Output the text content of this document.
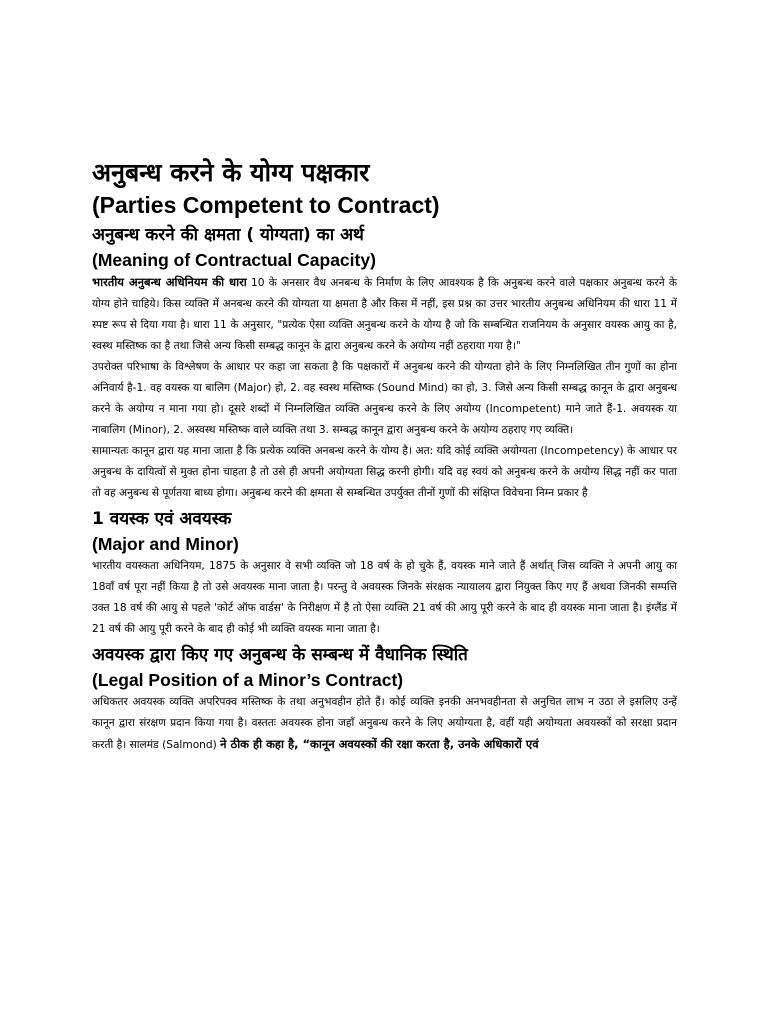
अनुबन्ध करने के योग्य पक्षकार
(Parties Competent to Contract)
अनुबन्ध करने की क्षमता ( योग्यता) का अर्थ
(Meaning of Contractual Capacity)

भारतीय अनुबन्ध अधिनियम की धारा 10 के अनसार वैध अनबन्ध के निर्माण के लिए आवश्यक है कि अनुबन्ध करने वाले पक्षकार अनुबन्ध करने के योग्य होने चाहिये। किस व्यक्ति में अनबन्ध करने की योग्यता या क्षमता है और किस में नहीं, इस प्रश्न का उत्तर भारतीय अनुबन्ध अधिनियम की धारा 11 में स्पष्ट रूप से दिया गया है। धारा 11 के अनुसार, "प्रत्येक ऐसा व्यक्ति अनुबन्ध करने के योग्य है जो कि सम्बन्धित राजनियम के अनुसार वयस्क आयु का है, स्वस्थ मस्तिष्क का है तथा जिसे अन्य किसी सम्बद्ध कानून के द्वारा अनुबन्ध करने के अयोग्य नहीं ठहराया गया है।"

उपरोक्त परिभाषा के विश्लेषण के आधार पर कहा जा सकता है कि पक्षकारों में अनुबन्ध करने की योग्यता होने के लिए निम्नलिखित तीन गुणों का होना अनिवार्य है-1. वह वयस्क या बालिग (Major) हो, 2. वह स्वस्थ मस्तिष्क (Sound Mind) का हो, 3. जिसे अन्य किसी सम्बद्ध कानून के द्वारा अनुबन्ध करने के अयोग्य न माना गया हो। दूसरे शब्दों में निम्नलिखित व्यक्ति अनुबन्ध करने के लिए अयोग्य (Incompetent) माने जाते हैं-1. अवयस्क या नाबालिग (Minor), 2. अस्वस्थ मस्तिष्क वाले व्यक्ति तथा 3. सम्बद्ध कानून द्वारा अनुबन्ध करने के अयोग्य ठहराए गए व्यक्ति।

सामान्यतः कानून द्वारा यह माना जाता है कि प्रत्येक व्यक्ति अनबन्ध करने के योग्य है। अत: यदि कोई व्यक्ति अयोग्यता (Incompetency) के आधार पर अनुबन्ध के दायित्वों से मुक्त होना चाहता है तो उसे ही अपनी अयोग्यता सिद्ध करनी होगी। यदि वह स्वयं को अनुबन्ध करने के अयोग्य सिद्ध नहीं कर पाता तो वह अनुबन्ध से पूर्णतया बाध्य होगा। अनुबन्ध करने की क्षमता से सम्बन्धित उपर्युक्त तीनों गुणों की संक्षिप्त विवेचना निम्न प्रकार है

1 वयस्क एवं अवयस्क
(Major and Minor)

भारतीय वयस्कता अधिनियम, 1875 के अनुसार वे सभी व्यक्ति जो 18 वर्ष के हो चुके हैं, वयस्क माने जाते हैं अर्थात् जिस व्यक्ति ने अपनी आयु का 18वाँ वर्ष पूरा नहीं किया है तो उसे अवयस्क माना जाता है। परन्तु वे अवयस्क जिनके संरक्षक न्यायालय द्वारा नियुक्त किए गए हैं अथवा जिनकी सम्पत्ति उक्त 18 वर्ष की आयु से पहले 'कोर्ट ऑफ वार्डस' के निरीक्षण में है तो ऐसा व्यक्ति 21 वर्ष की आयु पूरी करने के बाद ही वयस्क माना जाता है। इंग्लैंड में 21 वर्ष की आयु पूरी करने के बाद ही कोई भी व्यक्ति वयस्क माना जाता है।

अवयस्क द्वारा किए गए अनुबन्ध के सम्बन्ध में वैधानिक स्थिति
(Legal Position of a Minor’s Contract)

अधिकतर अवयस्क व्यक्ति अपरिपक्व मस्तिष्क के तथा अनुभवहीन होते हैं। कोई व्यक्ति इनकी अनभवहीनता से अनुचित लाभ न उठा ले इसलिए उन्हें कानून द्वारा संरक्षण प्रदान किया गया है। वस्ततः अवयस्क होना जहाँ अनुबन्ध करने के लिए अयोग्यता है, वहीं यही अयोग्यता अवयस्कों को सरक्षा प्रदान करती है। सालमंड (Salmond) ने ठीक ही कहा है, “कानून अवयस्कों की रक्षा करता है, उनके अधिकारों एवं
